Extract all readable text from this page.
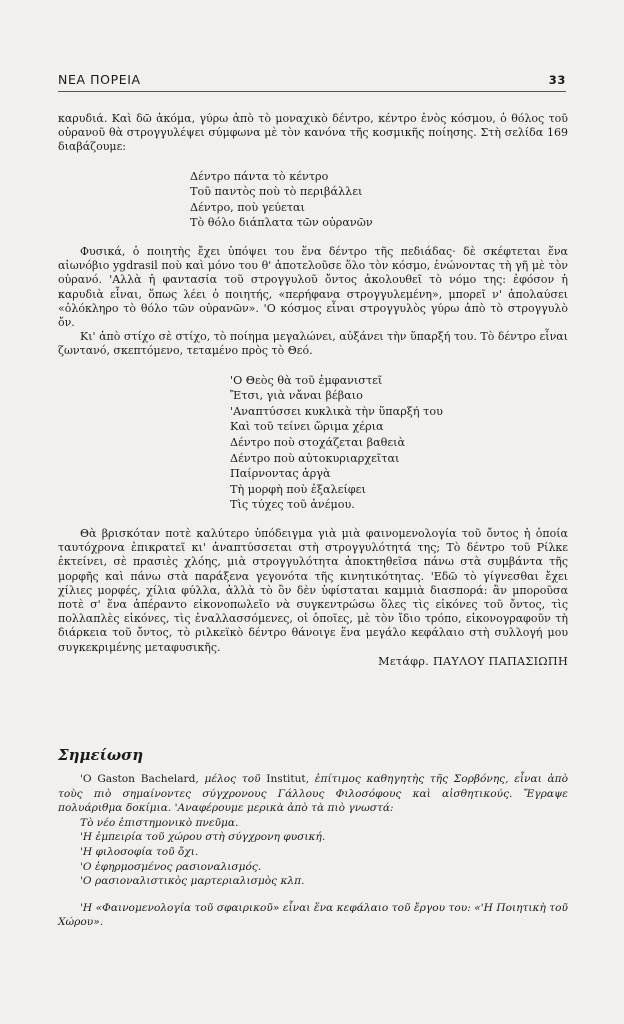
ΝΕΑ ΠΟΡΕΙΑ	33

καρυδιά. Καὶ δῶ ἀκόμα, γύρω ἀπὸ τὸ μοναχικὸ δέντρο, κέντρο ἑνὸς κόσμου, ὁ θόλος τοῦ οὐρανοῦ θὰ στρογγυλέψει σύμφωνα μὲ τὸν κανόνα τῆς κοσμικῆς ποίησης. Στὴ σελίδα 169 διαβάζουμε:

Δέντρο πάντα τὸ κέντρο
Τοῦ παντὸς ποὺ τὸ περιβάλλει
Δέντρο, ποὺ γεύεται
Τὸ θόλο διάπλατα τῶν οὐρανῶν

Φυσικά, ὁ ποιητὴς ἔχει ὑπόψει του ἕνα δέντρο τῆς πεδιάδας· δὲ σκέφτεται ἕνα αἰωνόβιο ygdrasil ποὺ καὶ μόνο του θ' ἀποτελοῦσε ὅλο τὸν κόσμο, ἑνώνοντας τὴ γῆ μὲ τὸν οὐρανό. 'Αλλὰ ἡ φαντασία τοῦ στρογγυλοῦ ὄντος ἀκολουθεῖ τὸ νόμο της: ἐφόσον ἡ καρυδιὰ εἶναι, ὅπως λέει ὁ ποιητής, «περήφανα στρογγυλεμένη», μπορεῖ ν' ἀπολαύσει «ὁλόκληρο τὸ θόλο τῶν οὐρανῶν». 'Ο κόσμος εἶναι στρογγυλὸς γύρω ἀπὸ τὸ στρογγυλὸ ὄν.

Κι' ἀπὸ στίχο σὲ στίχο, τὸ ποίημα μεγαλώνει, αὐξάνει τὴν ὕπαρξή του. Τὸ δέντρο εἶναι ζωντανό, σκεπτόμενο, τεταμένο πρὸς τὸ Θεό.

'Ο Θεὸς θὰ τοῦ ἐμφανιστεῖ
Ἔτσι, γιὰ νἄναι βέβαιο
'Αναπτύσσει κυκλικὰ τὴν ὕπαρξή του
Καὶ τοῦ τείνει ὥριμα χέρια
Δέντρο ποὺ στοχάζεται βαθειὰ
Δέντρο ποὺ αὐτοκυριαρχεῖται
Παίρνοντας ἀργὰ
Τὴ μορφὴ ποὺ ἐξαλείφει
Τὶς τύχες τοῦ ἀνέμου.

Θὰ βρισκόταν ποτὲ καλύτερο ὑπόδειγμα γιὰ μιὰ φαινομενολογία τοῦ ὄντος ἡ ὁποία ταυτόχρονα ἐπικρατεῖ κι' ἀναπτύσσεται στὴ στρογγυλότητά της; Τὸ δέντρο τοῦ Ρίλκε ἐκτείνει, σὲ πρασιὲς χλόης, μιὰ στρογγυλότητα ἀποκτηθεῖσα πάνω στὰ συμβάντα τῆς μορφῆς καὶ πάνω στὰ παράξενα γεγονότα τῆς κινητικότητας. 'Εδῶ τὸ γίγνεσθαι ἔχει χίλιες μορφές, χίλια φύλλα, ἀλλὰ τὸ ὂν δὲν ὑφίσταται καμμιὰ διασπορά: ἂν μποροῦσα ποτὲ σ' ἕνα ἀπέραντο εἰκονοπωλεῖο νὰ συγκεντρώσω ὅλες τὶς εἰκόνες τοῦ ὄντος, τὶς πολλαπλὲς εἰκόνες, τὶς ἐναλλασσόμενες, οἱ ὁποῖες, μὲ τὸν ἴδιο τρόπο, εἰκονογραφοῦν τὴ διάρκεια τοῦ ὄντος, τὸ ριλκεϊκὸ δέντρο θάνοιγε ἕνα μεγάλο κεφάλαιο στὴ συλλογή μου συγκεκριμένης μεταφυσικῆς.

Μετάφρ. ΠΑΥΛΟΥ ΠΑΠΑΣΙΩΠΗ

Σημείωση

'Ο Gaston Bachelard, μέλος τοῦ Institut, ἐπίτιμος καθηγητὴς τῆς Σορβόνης, εἶναι ἀπὸ τοὺς πιὸ σημαίνοντες σύγχρονους Γάλλους Φιλοσόφους καὶ αἰσθητικούς. Ἔγραψε πολυάριθμα δοκίμια. 'Αναφέρουμε μερικὰ ἀπὸ τὰ πιὸ γνωστά:

Τὸ νέο ἐπιστημονικὸ πνεῦμα.
'Η ἐμπειρία τοῦ χώρου στὴ σύγχρονη φυσική.
'Η φιλοσοφία τοῦ ὄχι.
'Ο ἐφηρμοσμένος ρασιοναλισμός.
'Ο ρασιοναλιστικὸς μαρτεριαλισμὸς κλπ.

'Η «Φαινομενολογία τοῦ σφαιρικοῦ» εἶναι ἕνα κεφάλαιο τοῦ ἔργου του: «'Η Ποιητικὴ τοῦ Χώρου».
